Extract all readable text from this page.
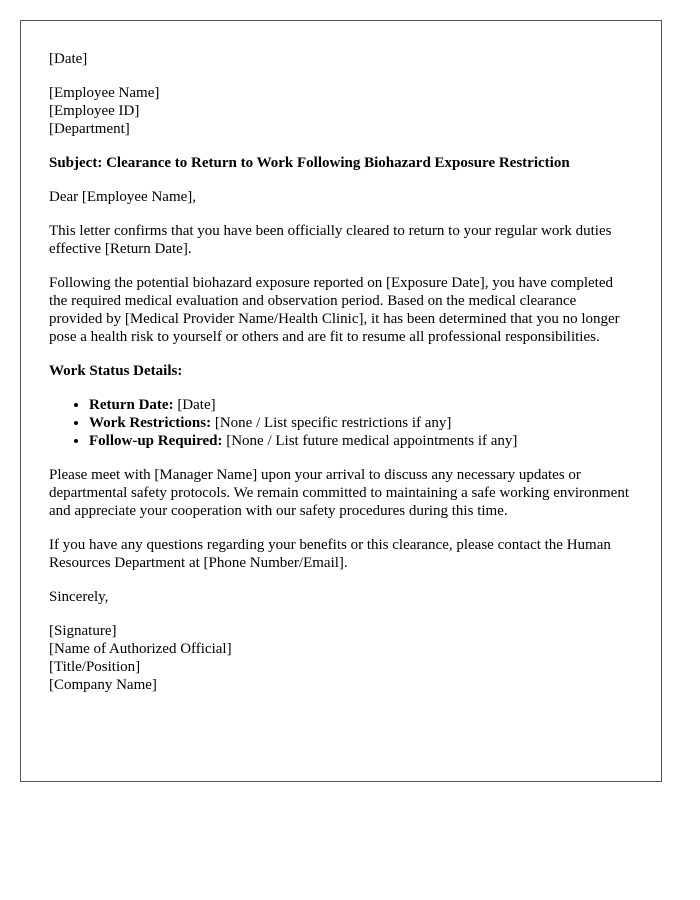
[Date]

[Employee Name]
[Employee ID]
[Department]

Subject: Clearance to Return to Work Following Biohazard Exposure Restriction

Dear [Employee Name],

This letter confirms that you have been officially cleared to return to your regular work duties effective [Return Date].

Following the potential biohazard exposure reported on [Exposure Date], you have completed the required medical evaluation and observation period. Based on the medical clearance provided by [Medical Provider Name/Health Clinic], it has been determined that you no longer pose a health risk to yourself or others and are fit to resume all professional responsibilities.

Work Status Details:

• Return Date: [Date]
• Work Restrictions: [None / List specific restrictions if any]
• Follow-up Required: [None / List future medical appointments if any]

Please meet with [Manager Name] upon your arrival to discuss any necessary updates or departmental safety protocols. We remain committed to maintaining a safe working environment and appreciate your cooperation with our safety procedures during this time.

If you have any questions regarding your benefits or this clearance, please contact the Human Resources Department at [Phone Number/Email].

Sincerely,

[Signature]
[Name of Authorized Official]
[Title/Position]
[Company Name]
